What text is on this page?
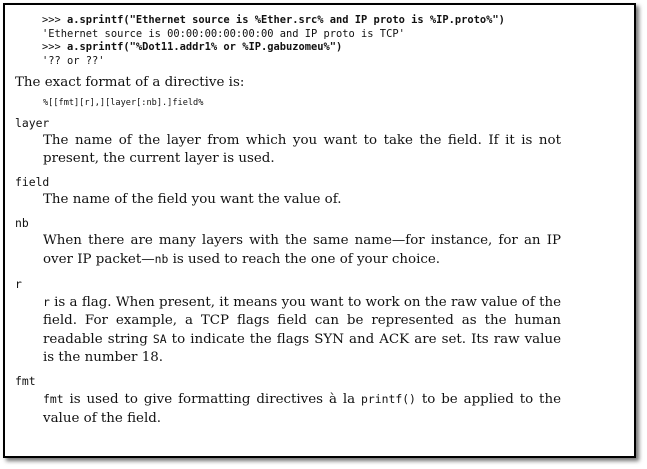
>>> a.sprintf("Ethernet source is %Ether.src% and IP proto is %IP.proto%")
'Ethernet source is 00:00:00:00:00:00 and IP proto is TCP'
>>> a.sprintf("%Dot11.addr1% or %IP.gabuzomeu%")
'?? or ??'

The exact format of a directive is:

%[[fmt][r],][layer[:nb].]field%
layer

The name of the layer from which you want to take the field. If it is not present, the current layer is used.

field

The name of the field you want the value of.

nb

When there are many layers with the same name—for instance, for an IP over IP packet—nb is used to reach the one of your choice.

r

r is a flag. When present, it means you want to work on the raw value of the field. For example, a TCP flags field can be represented as the human readable string SA to indicate the flags SYN and ACK are set. Its raw value is the number 18.

fmt

fmt is used to give formatting directives à la printf() to be applied to the value of the field.
